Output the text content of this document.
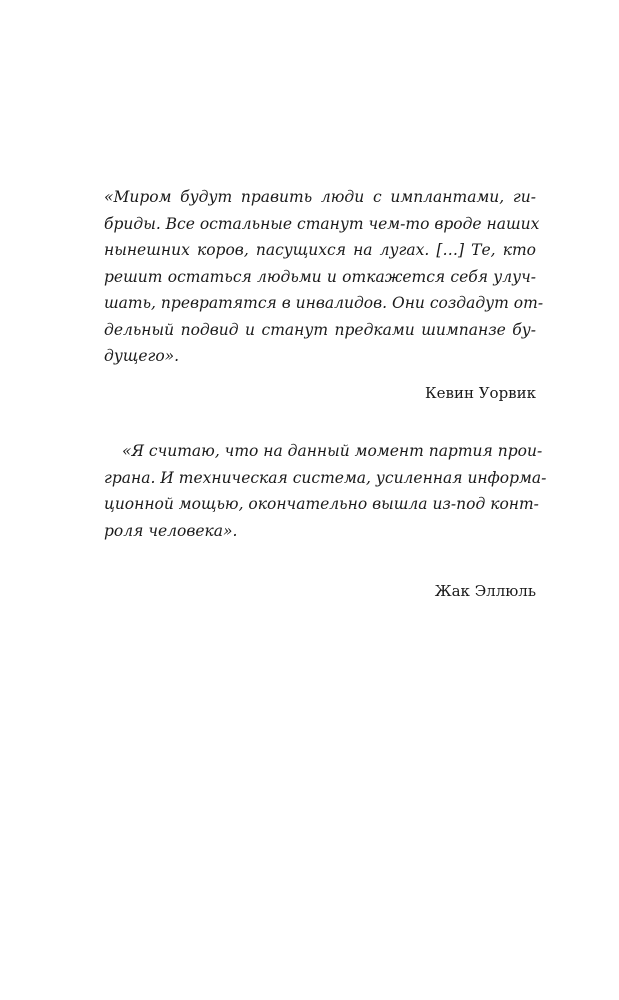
«Миром будут править люди с имплантами, ги-
бриды. Все остальные станут чем-то вроде наших
нынешних коров, пасущихся на лугах. […] Те, кто
решит остаться людьми и откажется себя улуч-
шать, превратятся в инвалидов. Они создадут от-
дельный подвид и станут предками шимпанзе бу-
дущего».
Кевин Уорвик
«Я считаю, что на данный момент партия прои-
грана. И техническая система, усиленная информа-
ционной мощью, окончательно вышла из-под конт-
роля человека».
Жак Эллюль
